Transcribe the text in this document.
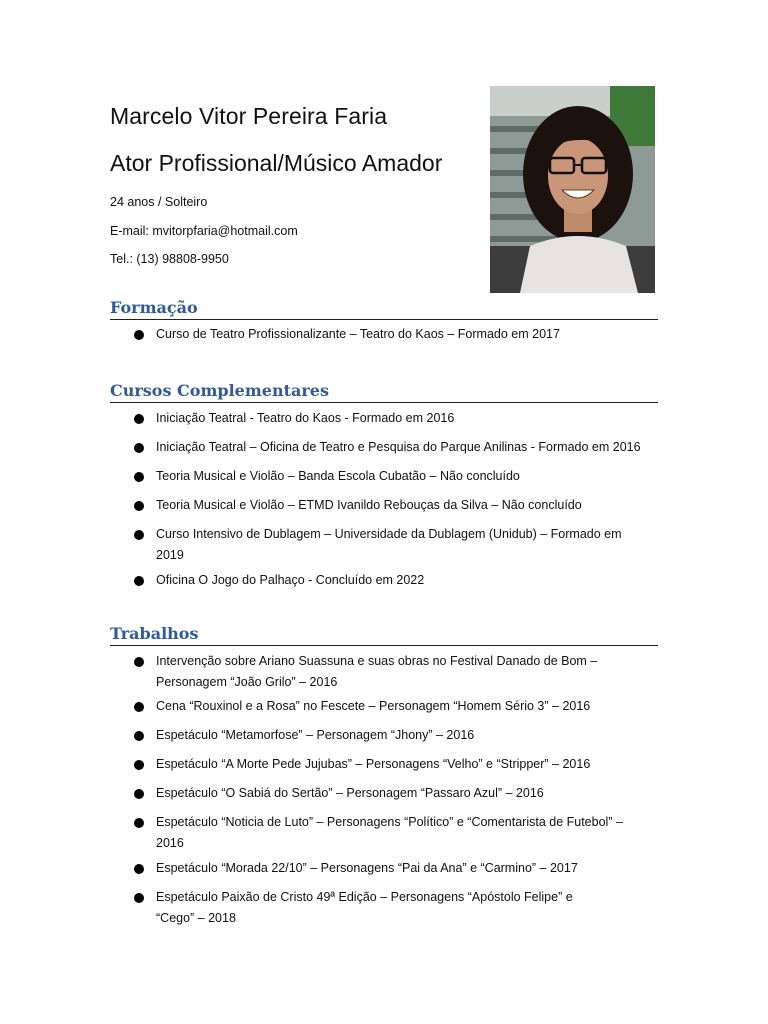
Marcelo Vitor Pereira Faria
Ator Profissional/Músico Amador

24 anos / Solteiro

E-mail: mvitorpfaria@hotmail.com

Tel.: (13) 98808-9950

Formação
Curso de Teatro Profissionalizante – Teatro do Kaos – Formado em 2017
Cursos Complementares
Iniciação Teatral - Teatro do Kaos - Formado em 2016
Iniciação Teatral – Oficina de Teatro e Pesquisa do Parque Anilinas - Formado em 2016
Teoria Musical e Violão – Banda Escola Cubatão – Não concluído
Teoria Musical e Violão – ETMD Ivanildo Rebouças da Silva – Não concluído
Curso Intensivo de Dublagem – Universidade da Dublagem (Unidub) – Formado em 2019
Oficina O Jogo do Palhaço - Concluído em 2022
Trabalhos
Intervenção sobre Ariano Suassuna e suas obras no Festival Danado de Bom – Personagem “João Grilo” – 2016
Cena “Rouxinol e a Rosa” no Fescete – Personagem “Homem Sério 3” – 2016
Espetáculo “Metamorfose” – Personagem “Jhony” – 2016
Espetáculo “A Morte Pede Jujubas” – Personagens “Velho” e “Stripper” – 2016
Espetáculo “O Sabiá do Sertão” – Personagem “Passaro Azul” – 2016
Espetáculo “Noticia de Luto” – Personagens “Político” e “Comentarista de Futebol” – 2016
Espetáculo “Morada 22/10” – Personagens “Pai da Ana” e “Carmino” – 2017
Espetáculo Paixão de Cristo 49ª Edição – Personagens “Apóstolo Felipe” e “Cego” – 2018
